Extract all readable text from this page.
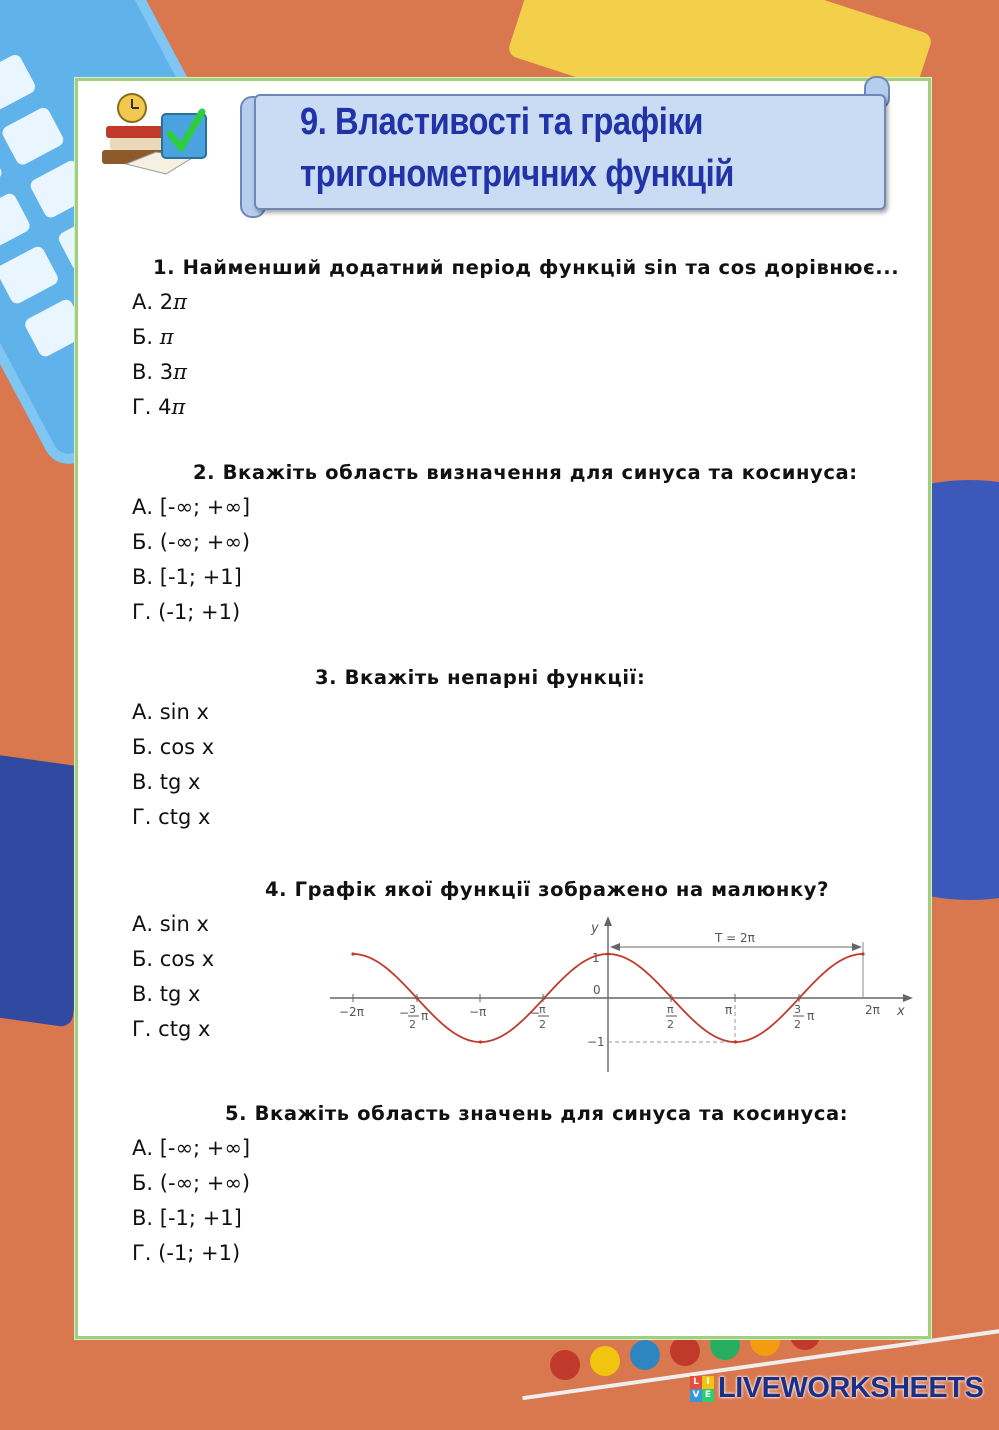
9. Властивості та графіки
тригонометричних функцій
1. Найменший додатний період функцій sin та cos дорівнює...
А. 2π
Б. π
В. 3π
Г. 4π
2. Вкажіть область визначення для синуса та косинуса:
А. [-∞; +∞]
Б. (-∞; +∞)
В. [-1; +1]
Г. (-1; +1)
3. Вкажіть непарні функції:
А. sin x
Б. cos x
В. tg x
Г. ctg x
4. Графік якої функції зображено на малюнку?
А. sin x
Б. cos x
В. tg x
Г. ctg x
y
x
T = 2π
1
0
−1
−2π	− 3
2
π	−π	−
π
2
π
2
π	3
2
π	2π
5. Вкажіть область значень для синуса та косинуса:
А. [-∞; +∞]
Б. (-∞; +∞)
В. [-1; +1]
Г. (-1; +1)
L I
V E LIVEWORKSHEETS
